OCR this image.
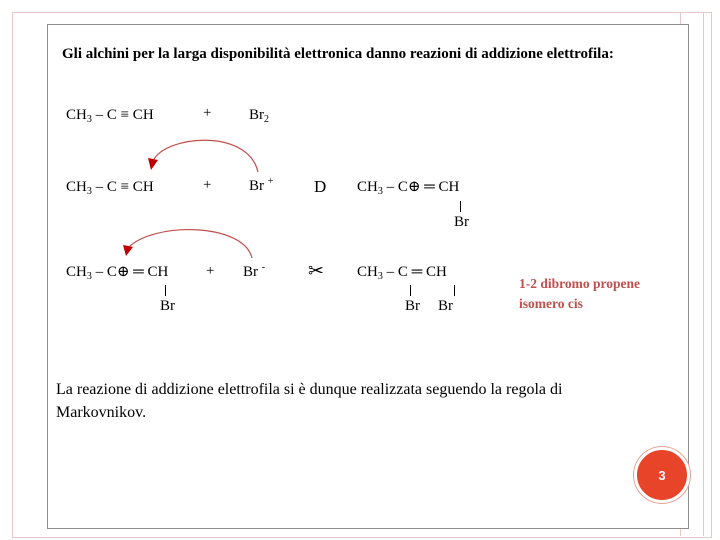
Gli alchini per la larga disponibilità elettronica danno reazioni di addizione elettrofila:
$CH_3$ – C ≡ CH	+	$Br_2$
$CH_3$ – C ≡ CH	+	Br + D $CH_3$ – C⊕ ═ CH
Br
$CH_3$ – C⊕ ═ CH
Br
+ Br - ✂ $CH_3$ – C ═ CH
Br Br
1-2 dibromo propene isomero cis
La reazione di addizione elettrofila si è dunque realizzata seguendo la regola di Markovnikov.
3
